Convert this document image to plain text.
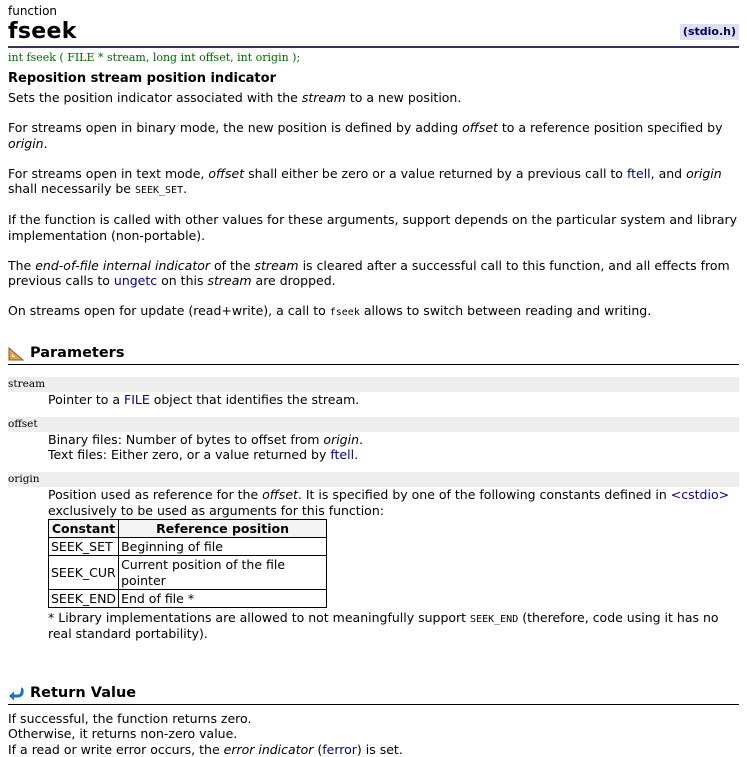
function
fseek	(stdio.h)
int fseek ( FILE * stream, long int offset, int origin );
Reposition stream position indicator

Sets the position indicator associated with the stream to a new position.

For streams open in binary mode, the new position is defined by adding offset to a reference position specified by origin.

For streams open in text mode, offset shall either be zero or a value returned by a previous call to ftell, and origin shall necessarily be SEEK_SET.

If the function is called with other values for these arguments, support depends on the particular system and library implementation (non-portable).

The end-of-file internal indicator of the stream is cleared after a successful call to this function, and all effects from previous calls to ungetc on this stream are dropped.

On streams open for update (read+write), a call to fseek allows to switch between reading and writing.

Parameters
stream
Pointer to a FILE object that identifies the stream.
offset
Binary files: Number of bytes to offset from origin.
Text files: Either zero, or a value returned by ftell.
origin
Position used as reference for the offset. It is specified by one of the following constants defined in <cstdio> exclusively to be used as arguments for this function:
Constant	Reference position
SEEK_SET	Beginning of file
SEEK_CUR	Current position of the file pointer
SEEK_END	End of file *
* Library implementations are allowed to not meaningfully support SEEK_END (therefore, code using it has no real standard portability).
Return Value
If successful, the function returns zero.
Otherwise, it returns non-zero value.
If a read or write error occurs, the error indicator (ferror) is set.
